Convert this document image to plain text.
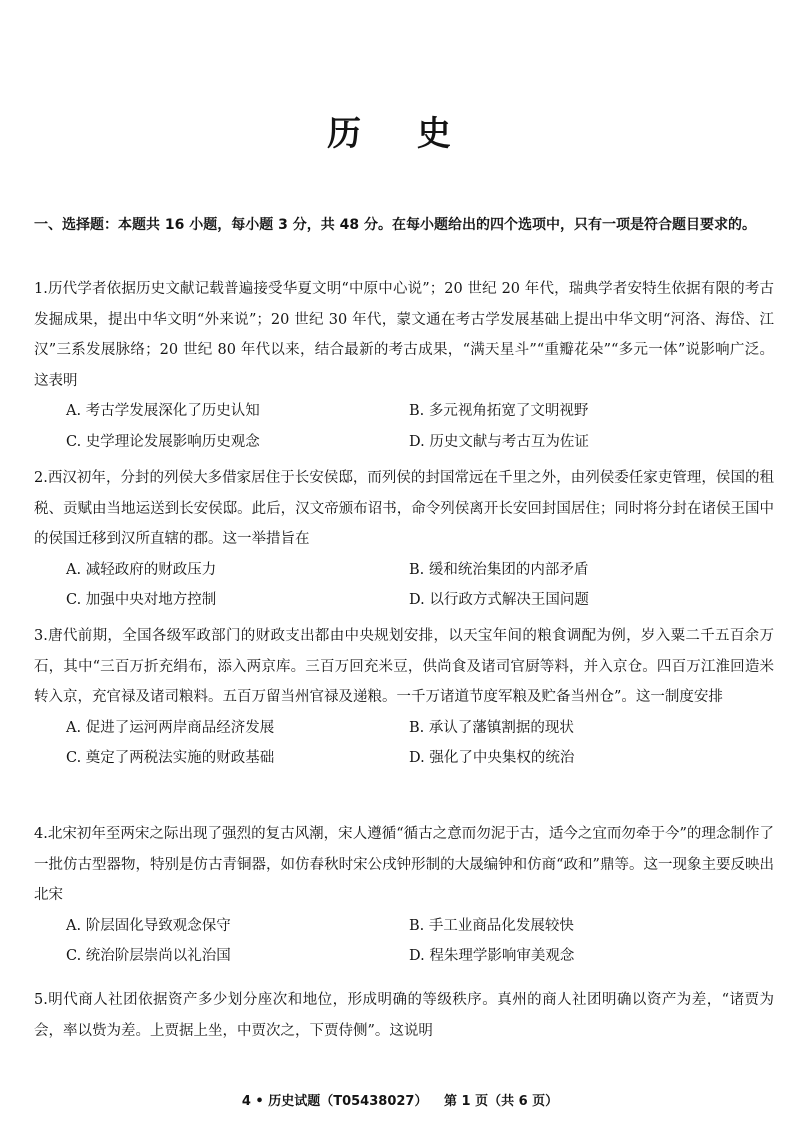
历 史
一、选择题：本题共 16 小题，每小题 3 分，共 48 分。在每小题给出的四个选项中，只有一项是符合题目要求的。

1.历代学者依据历史文献记载普遍接受华夏文明“中原中心说”；20 世纪 20 年代，瑞典学者安特生依据有限的考古发掘成果，提出中华文明“外来说”；20 世纪 30 年代，蒙文通在考古学发展基础上提出中华文明“河洛、海岱、江汉”三系发展脉络；20 世纪 80 年代以来，结合最新的考古成果，“满天星斗”“重瓣花朵”“多元一体”说影响广泛。这表明

A. 考古学发展深化了历史认知	B. 多元视角拓宽了文明视野
C. 史学理论发展影响历史观念	D. 历史文献与考古互为佐证

2.西汉初年，分封的列侯大多借家居住于长安侯邸，而列侯的封国常远在千里之外，由列侯委任家吏管理，侯国的租税、贡赋由当地运送到长安侯邸。此后，汉文帝颁布诏书，命令列侯离开长安回封国居住；同时将分封在诸侯王国中的侯国迁移到汉所直辖的郡。这一举措旨在

A. 减轻政府的财政压力	B. 缓和统治集团的内部矛盾
C. 加强中央对地方控制	D. 以行政方式解决王国问题

3.唐代前期，全国各级军政部门的财政支出都由中央规划安排，以天宝年间的粮食调配为例，岁入粟二千五百余万石，其中“三百万折充绢布，添入两京库。三百万回充米豆，供尚食及诸司官厨等料，并入京仓。四百万江淮回造米转入京，充官禄及诸司粮料。五百万留当州官禄及递粮。一千万诸道节度军粮及贮备当州仓”。这一制度安排

A. 促进了运河两岸商品经济发展	B. 承认了藩镇割据的现状
C. 奠定了两税法实施的财政基础	D. 强化了中央集权的统治

4.北宋初年至两宋之际出现了强烈的复古风潮，宋人遵循“循古之意而勿泥于古，适今之宜而勿牵于今”的理念制作了一批仿古型器物，特别是仿古青铜器，如仿春秋时宋公戌钟形制的大晟编钟和仿商“政和”鼎等。这一现象主要反映出北宋

A. 阶层固化导致观念保守	B. 手工业商品化发展较快
C. 统治阶层崇尚以礼治国	D. 程朱理学影响审美观念

5.明代商人社团依据资产多少划分座次和地位，形成明确的等级秩序。真州的商人社团明确以资产为差，“诸贾为会，率以赀为差。上贾据上坐，中贾次之，下贾侍侧”。这说明

4 • 历史试题（T05438027） 第 1 页（共 6 页）
